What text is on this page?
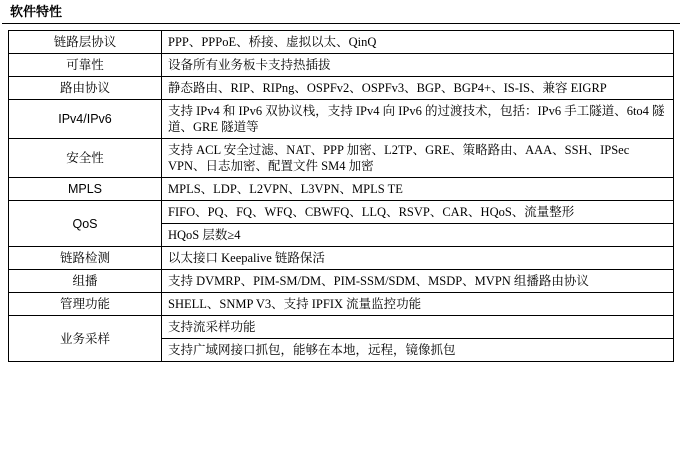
软件特性
链路层协议	PPP、PPPoE、桥接、虚拟以太、QinQ
可靠性	设备所有业务板卡支持热插拔
路由协议	静态路由、RIP、RIPng、OSPFv2、OSPFv3、BGP、BGP4+、IS-IS、兼容 EIGRP
IPv4/IPv6	支持 IPv4 和 IPv6 双协议栈，支持 IPv4 向 IPv6 的过渡技术，包括：IPv6 手工隧道、6to4 隧道、GRE 隧道等
安全性	支持 ACL 安全过滤、NAT、PPP 加密、L2TP、GRE、策略路由、AAA、SSH、IPSec VPN、日志加密、配置文件 SM4 加密
MPLS	MPLS、LDP、L2VPN、L3VPN、MPLS TE
QoS	FIFO、PQ、FQ、WFQ、CBWFQ、LLQ、RSVP、CAR、HQoS、流量整形
	HQoS 层数≥4
链路检测	以太接口 Keepalive 链路保活
组播	支持 DVMRP、PIM-SM/DM、PIM-SSM/SDM、MSDP、MVPN 组播路由协议
管理功能	SHELL、SNMP V3、支持 IPFIX 流量监控功能
业务采样	支持流采样功能
	支持广域网接口抓包，能够在本地，远程，镜像抓包
